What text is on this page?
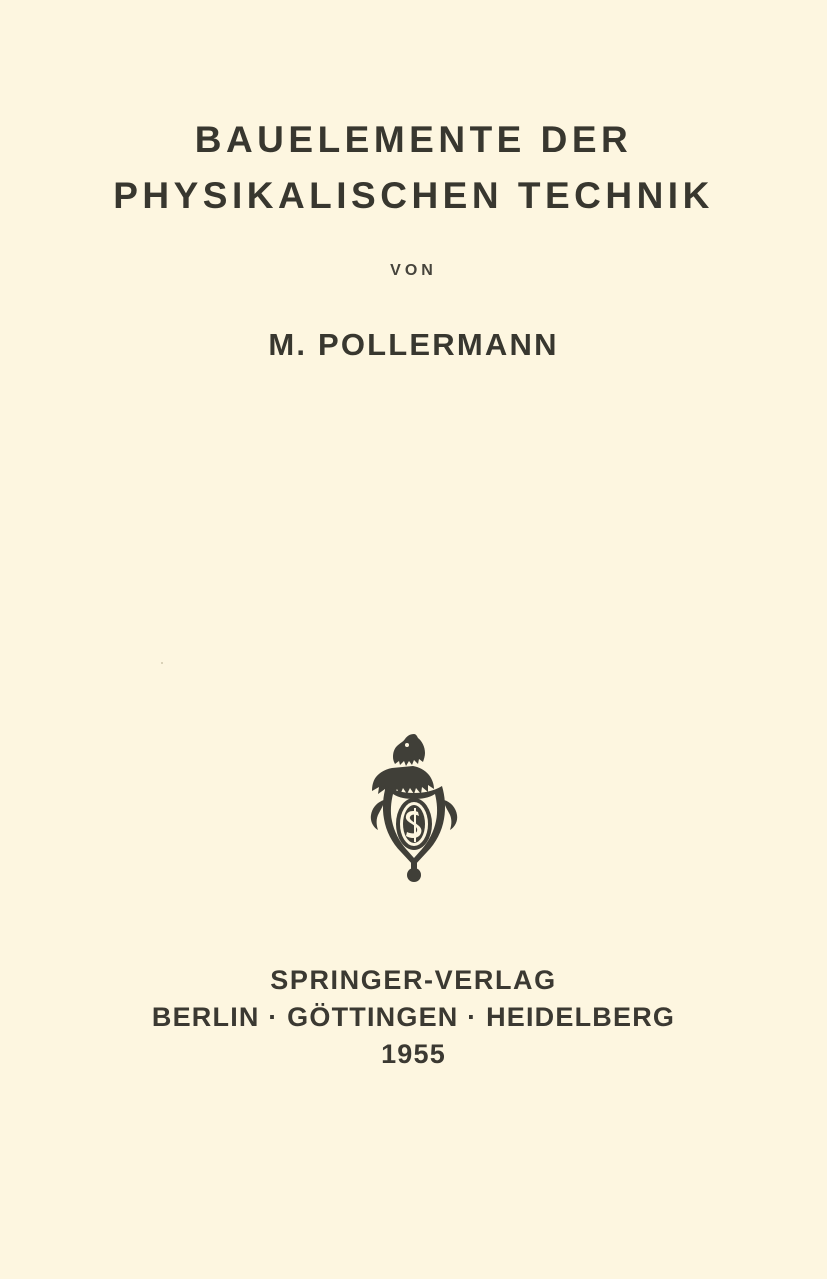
BAUELEMENTE DER
PHYSIKALISCHEN TECHNIK
VON
M. POLLERMANN
SPRINGER-VERLAG
BERLIN · GÖTTINGEN · HEIDELBERG
1955
